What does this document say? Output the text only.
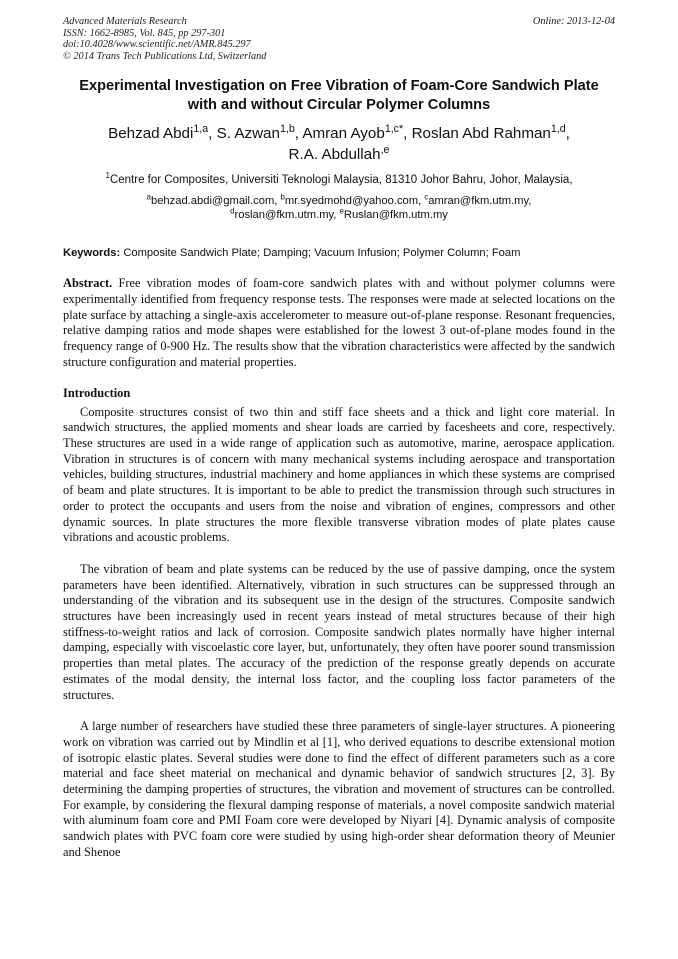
Advanced Materials Research
ISSN: 1662-8985, Vol. 845, pp 297-301
doi:10.4028/www.scientific.net/AMR.845.297
© 2014 Trans Tech Publications Ltd, Switzerland
Online: 2013-12-04
Experimental Investigation on Free Vibration of Foam-Core Sandwich Plate with and without Circular Polymer Columns
Behzad Abdi$^{1,a}$, S. Azwan$^{1,b}$, Amran Ayob$^{1,c*}$, Roslan Abd Rahman$^{1,d}$,
R.A. Abdullah$^{,e}$
$^1$Centre for Composites, Universiti Teknologi Malaysia, 81310 Johor Bahru, Johor, Malaysia,
$^a$behzad.abdi@gmail.com, $^b$mr.syedmohd@yahoo.com, $^c$amran@fkm.utm.my,
$^d$roslan@fkm.utm.my, $^e$Ruslan@fkm.utm.my
Keywords: Composite Sandwich Plate; Damping; Vacuum Infusion; Polymer Column; Foam

Abstract. Free vibration modes of foam-core sandwich plates with and without polymer columns were experimentally identified from frequency response tests. The responses were made at selected locations on the plate surface by attaching a single-axis accelerometer to measure out-of-plane response. Resonant frequencies, relative damping ratios and mode shapes were established for the lowest 3 out-of-plane modes found in the frequency range of 0-900 Hz. The results show that the vibration characteristics were affected by the sandwich structure configuration and material properties.

Introduction

Composite structures consist of two thin and stiff face sheets and a thick and light core material. In sandwich structures, the applied moments and shear loads are carried by facesheets and core, respectively. These structures are used in a wide range of application such as automotive, marine, aerospace application. Vibration in structures is of concern with many mechanical systems including aerospace and transportation vehicles, building structures, industrial machinery and home appliances in which these systems are comprised of beam and plate structures. It is important to be able to predict the transmission through such structures in order to protect the occupants and users from the noise and vibration of engines, compressors and other dynamic sources. In plate structures the more flexible transverse vibration modes of plate plates cause vibrations and acoustic problems.

The vibration of beam and plate systems can be reduced by the use of passive damping, once the system parameters have been identified. Alternatively, vibration in such structures can be suppressed through an understanding of the vibration and its subsequent use in the design of the structures. Composite sandwich structures have been increasingly used in recent years instead of metal structures because of their high stiffness-to-weight ratios and lack of corrosion. Composite sandwich plates normally have higher internal damping, especially with viscoelastic core layer, but, unfortunately, they often have poorer sound transmission properties than metal plates. The accuracy of the prediction of the response greatly depends on accurate estimates of the modal density, the internal loss factor, and the coupling loss factor parameters of the structures.

A large number of researchers have studied these three parameters of single-layer structures. A pioneering work on vibration was carried out by Mindlin et al [1], who derived equations to describe extensional motion of isotropic elastic plates. Several studies were done to find the effect of different parameters such as a core material and face sheet material on mechanical and dynamic behavior of sandwich structures [2, 3]. By determining the damping properties of structures, the vibration and movement of structures can be controlled. For example, by considering the flexural damping response of materials, a novel composite sandwich material with aluminum foam core and PMI Foam core were developed by Niyari [4]. Dynamic analysis of composite sandwich plates with PVC foam core were studied by using high-order shear deformation theory of Meunier and Shenoe
